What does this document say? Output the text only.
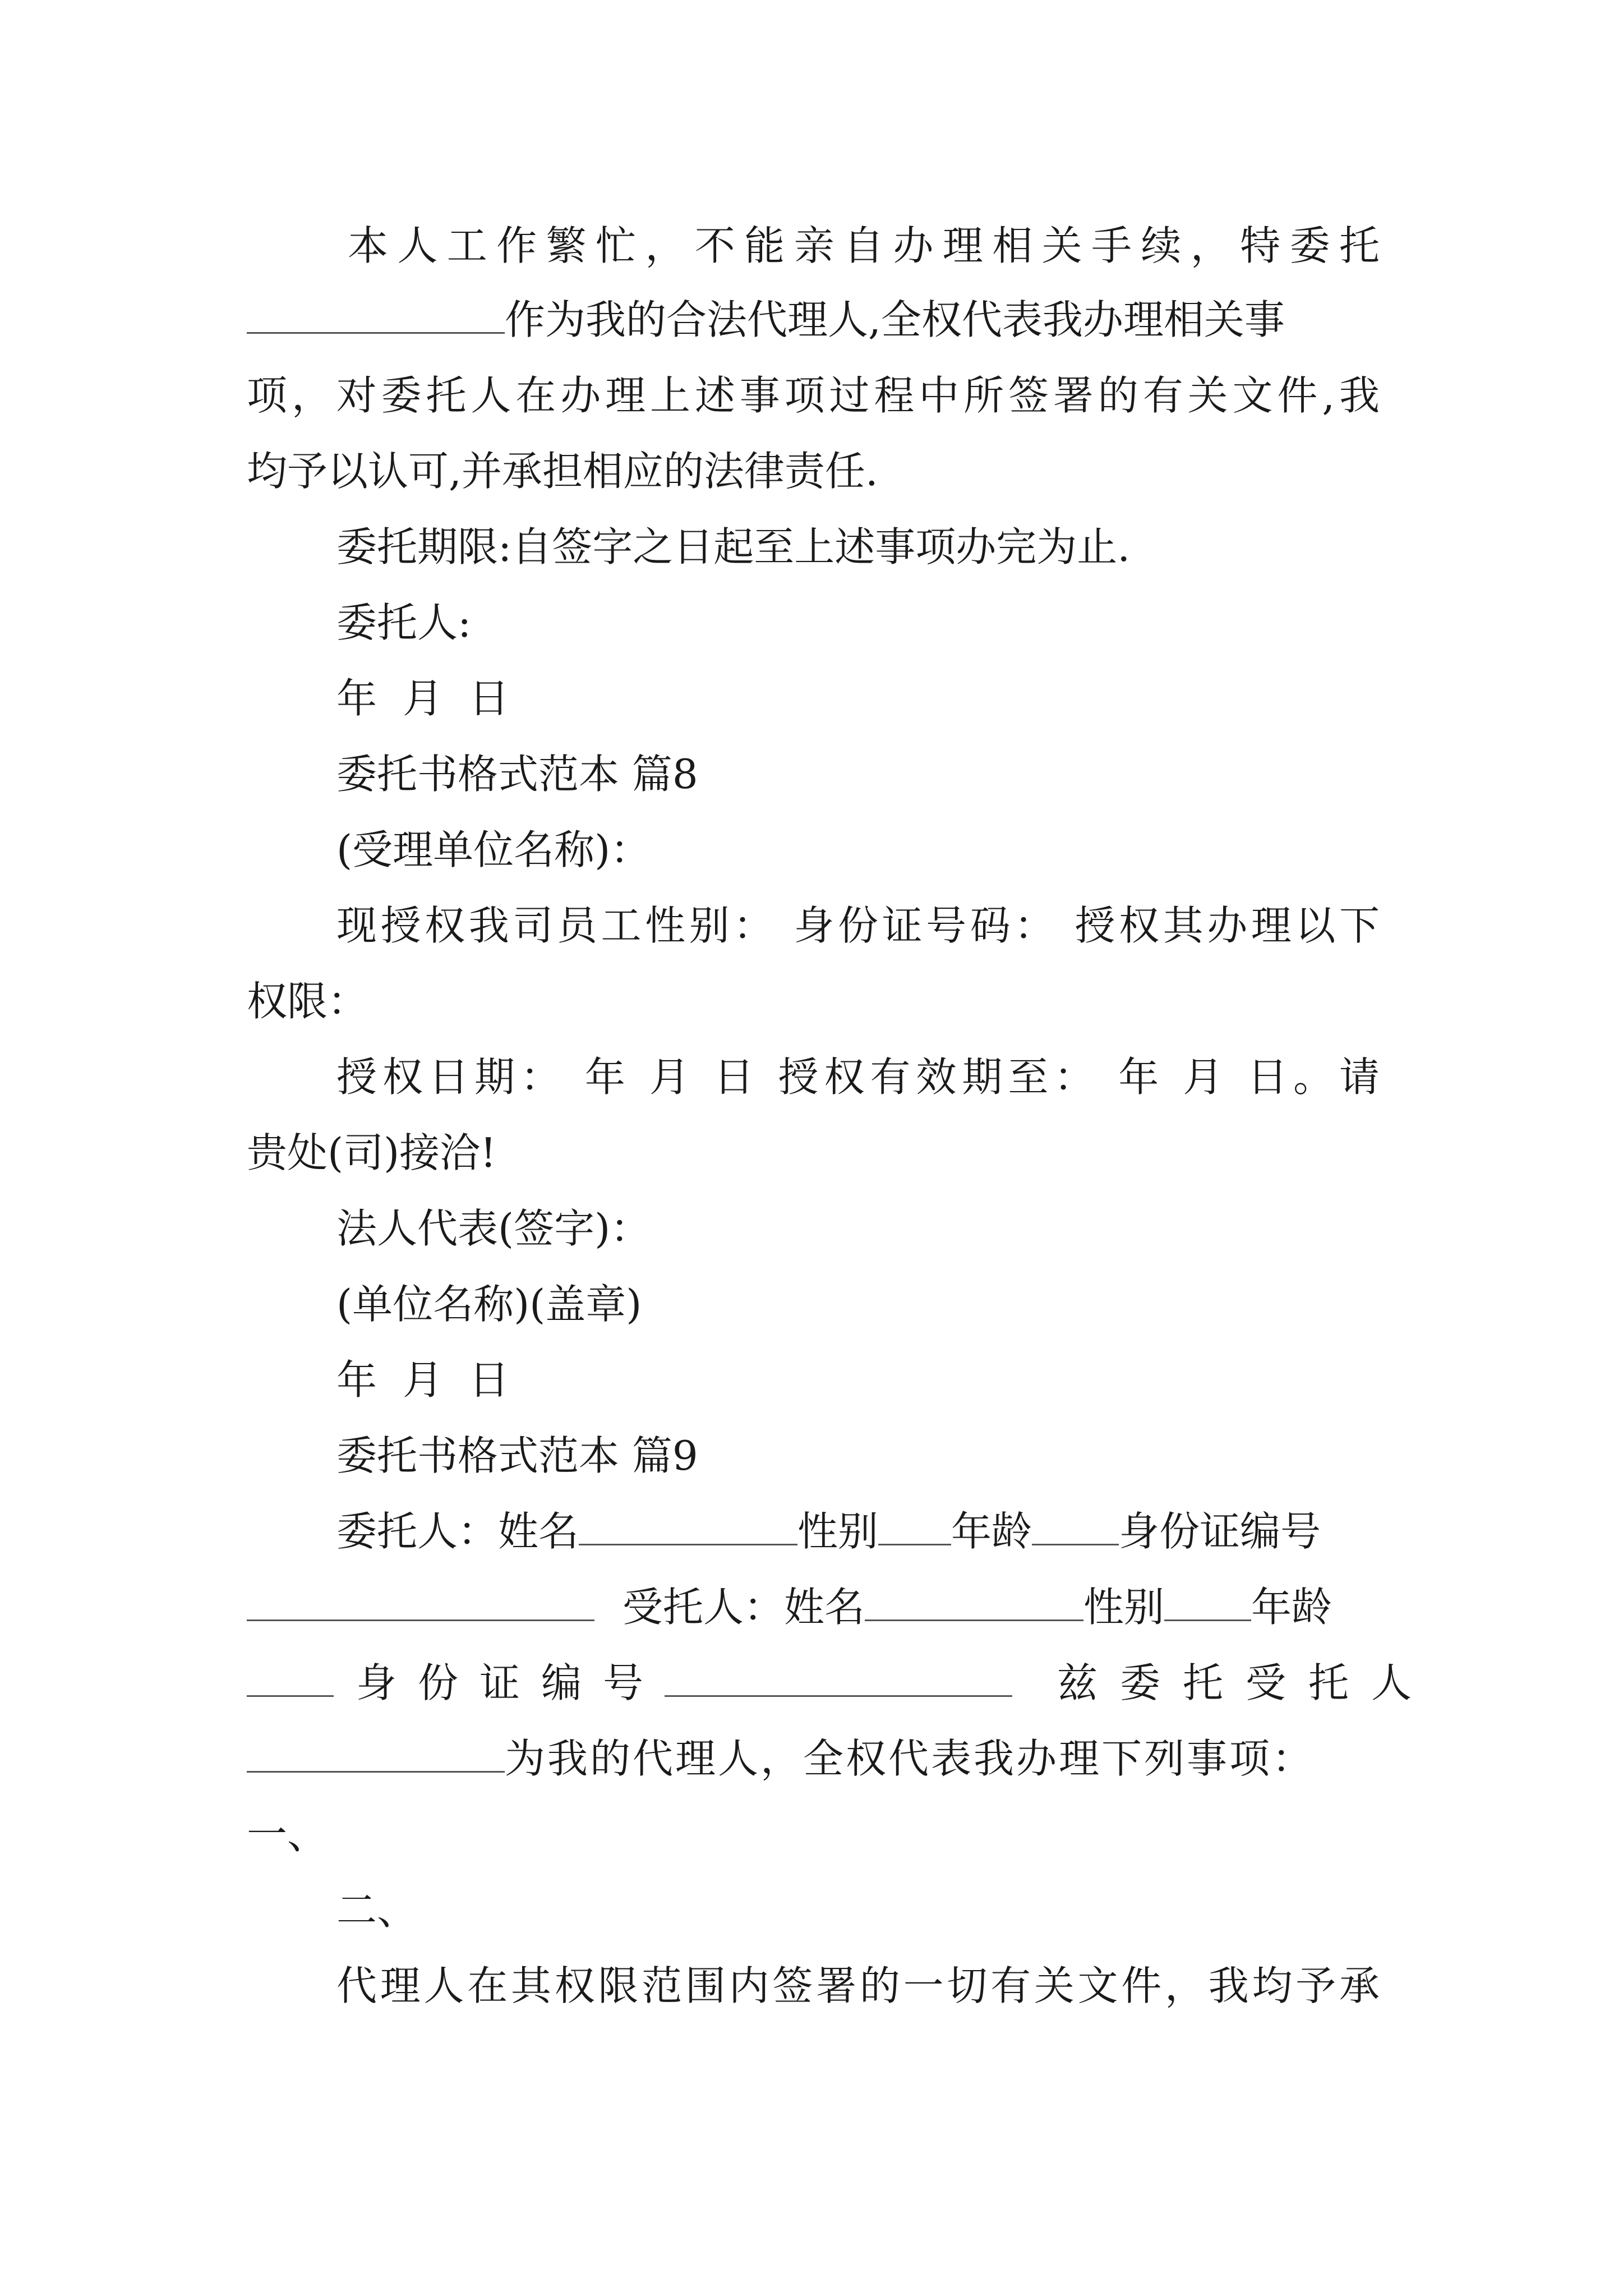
本人工作繁忙，不能亲自办理相关手续，特委托
作为我的合法代理人,全权代表我办理相关事
项，对委托人在办理上述事项过程中所签署的有关文件,我
均予以认可,并承担相应的法律责任.
委托期限:自签字之日起至上述事项办完为止.
委托人:
年 月 日
委托书格式范本 篇8
(受理单位名称)：
现授权我司员工性别： 身份证号码： 授权其办理以下
权限：
授权日期： 年 月 日 授权有效期至： 年 月 日。请
贵处(司)接洽!
法人代表(签字)：
(单位名称)(盖章)
年 月 日
委托书格式范本 篇9
委托人：姓名	性别 年龄 身份证编号
受托人：姓名	性别 年龄
身份证编号	兹委托受托人
为我的代理人，全权代表我办理下列事项：
一、
二、
代理人在其权限范围内签署的一切有关文件，我均予承
